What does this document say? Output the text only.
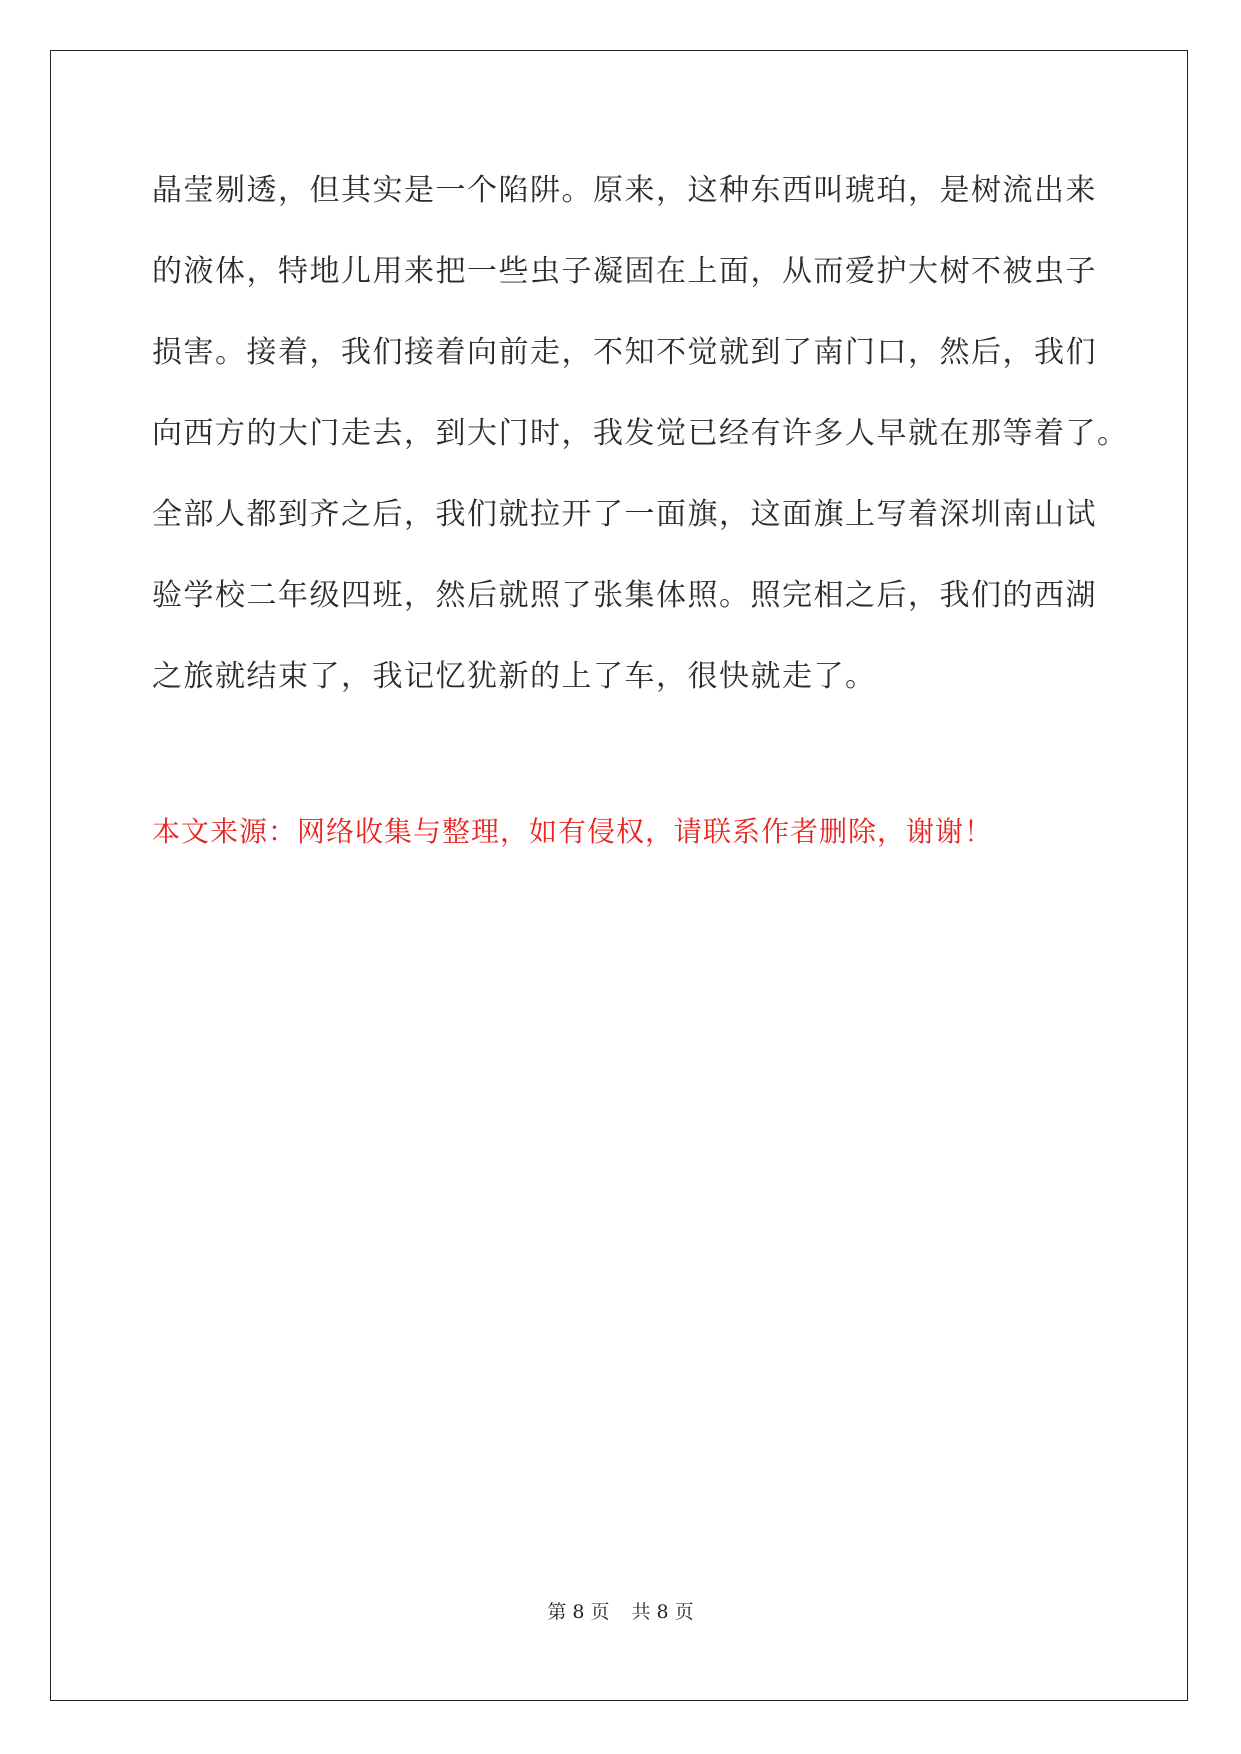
晶莹剔透，但其实是一个陷阱。原来，这种东西叫琥珀，是树流出来
的液体，特地儿用来把一些虫子凝固在上面，从而爱护大树不被虫子
损害。接着，我们接着向前走，不知不觉就到了南门口，然后，我们
向西方的大门走去，到大门时，我发觉已经有许多人早就在那等着了。
全部人都到齐之后，我们就拉开了一面旗，这面旗上写着深圳南山试
验学校二年级四班，然后就照了张集体照。照完相之后，我们的西湖
之旅就结束了，我记忆犹新的上了车，很快就走了。
本文来源：网络收集与整理，如有侵权，请联系作者删除，谢谢！
第 8 页 共 8 页
